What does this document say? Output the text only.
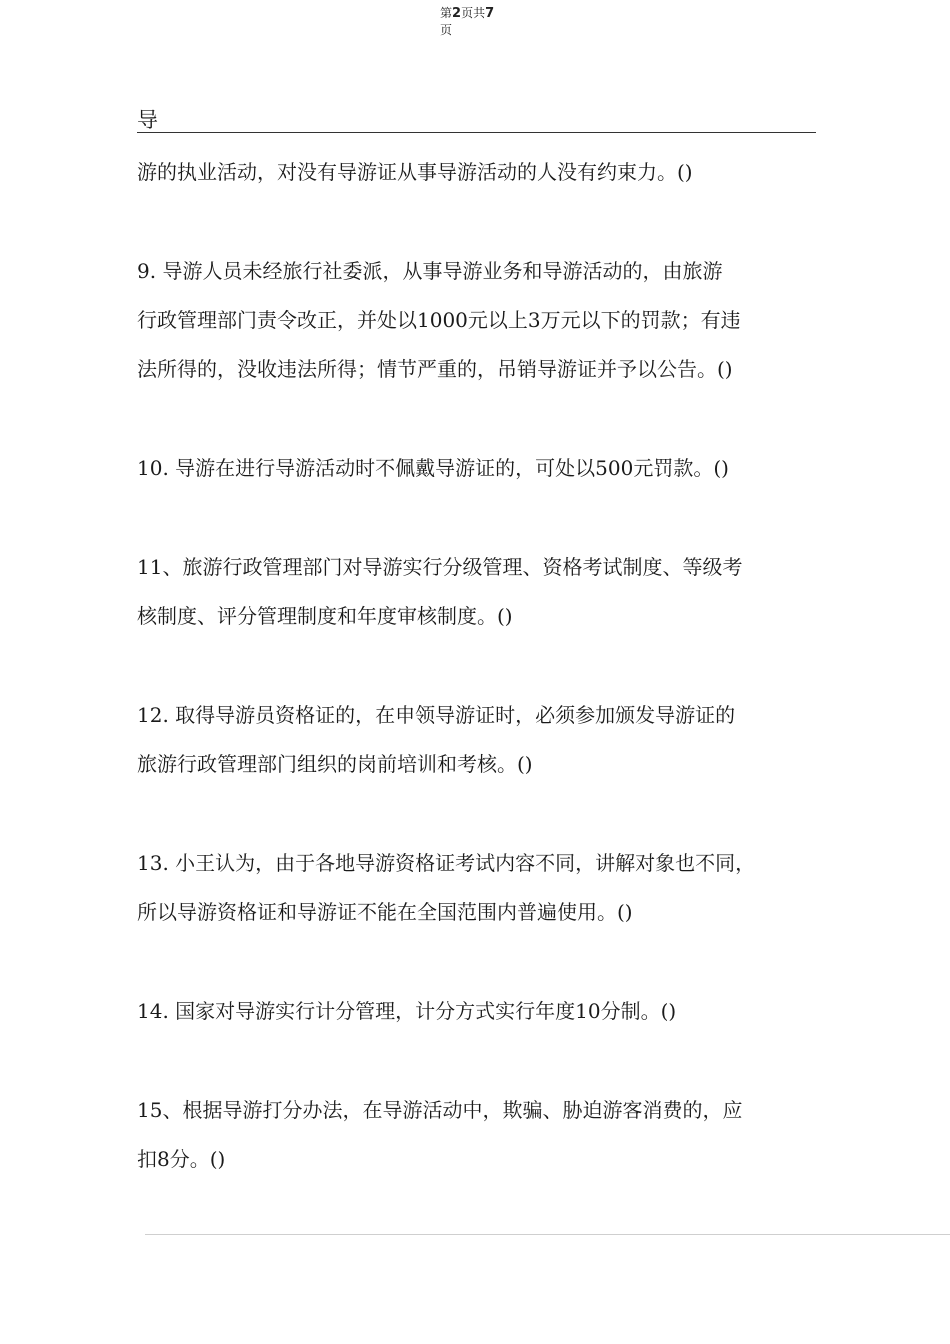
第2页共7
页
导
游的执业活动，对没有导游证从事导游活动的人没有约束力。()
9. 导游人员未经旅行社委派，从事导游业务和导游活动的，由旅游
行政管理部门责令改正，并处以1000元以上3万元以下的罚款；有违
法所得的，没收违法所得；情节严重的，吊销导游证并予以公告。()
10. 导游在进行导游活动时不佩戴导游证的，可处以500元罚款。()
11、旅游行政管理部门对导游实行分级管理、资格考试制度、等级考
核制度、评分管理制度和年度审核制度。()
12. 取得导游员资格证的，在申领导游证时，必须参加颁发导游证的
旅游行政管理部门组织的岗前培训和考核。()
13. 小王认为，由于各地导游资格证考试内容不同，讲解对象也不同，
所以导游资格证和导游证不能在全国范围内普遍使用。()
14. 国家对导游实行计分管理，计分方式实行年度10分制。()
15、根据导游打分办法，在导游活动中，欺骗、胁迫游客消费的，应
扣8分。()
